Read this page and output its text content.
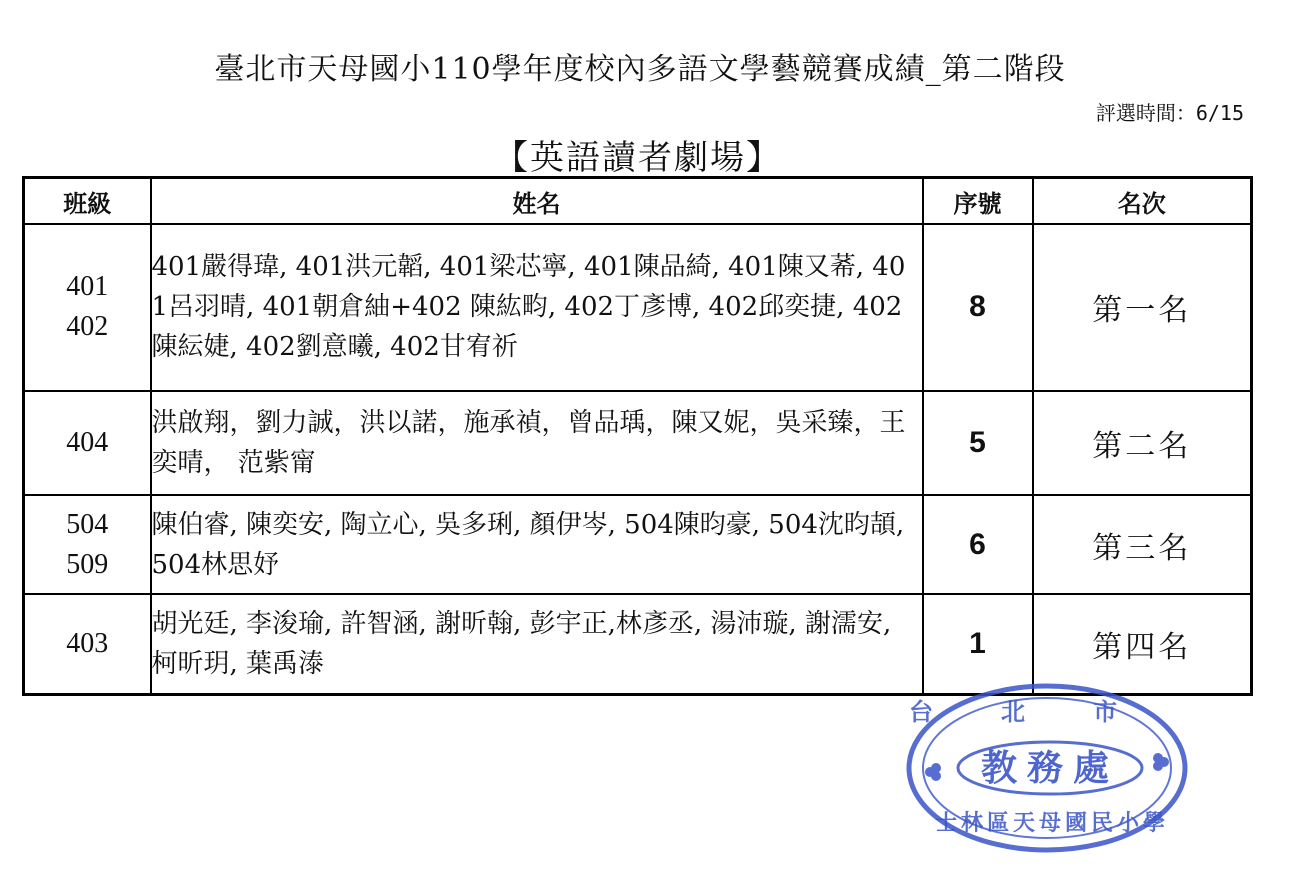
臺北市天母國小110學年度校內多語文學藝競賽成績_第二階段
評選時間：6/15
【英語讀者劇場】
班級	姓名	序號	名次

401
402	401嚴得瑋, 401洪元韜, 401梁芯寧, 401陳品綺, 401陳又莃, 401呂羽晴, 401朝倉紬+402 陳紘畇, 402丁彥博, 402邱奕捷, 402陳紜婕, 402劉意曦, 402甘宥祈	8	第一名

404	洪啟翔，劉力誠，洪以諾，施承禎，曾品瑀，陳又妮，吳采臻，王奕晴， 范紫甯	5	第二名

504
509	陳伯睿, 陳奕安, 陶立心, 吳多琍, 顏伊岑, 504陳昀豪, 504沈昀頡, 504林思妤	6	第三名

403	胡光廷, 李浚瑜, 許智涵, 謝昕翰, 彭宇正,林彥丞, 湯沛璇, 謝濡安, 柯昕玥, 葉禹溙	1	第四名
台北市
教務處
士林區天母國民小學
